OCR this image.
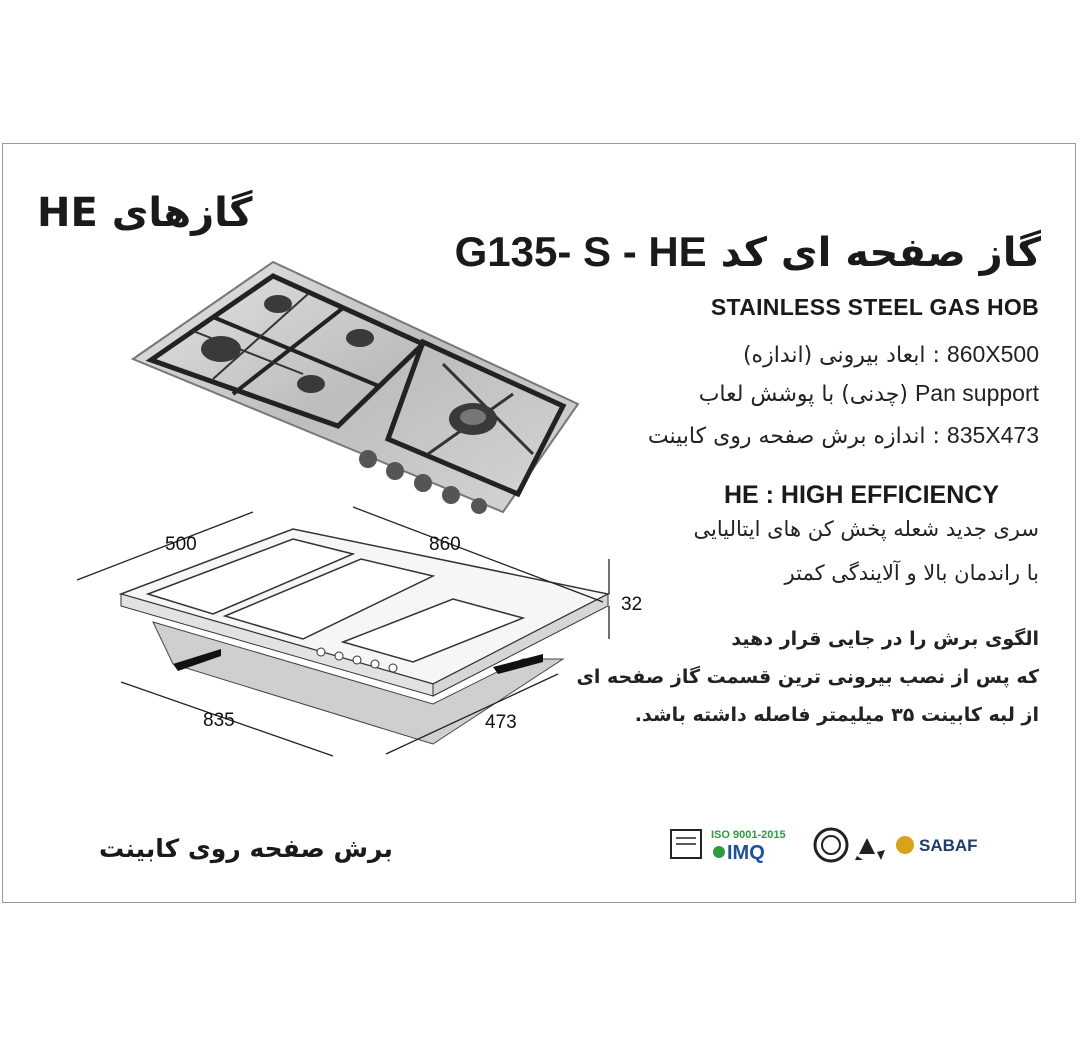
گازهای HE
گاز صفحه ای کد G135- S - HE
STAINLESS STEEL GAS HOB
860X500 : ابعاد بیرونی (اندازه)
Pan support (چدنی) با پوشش لعاب
835X473 : اندازه برش صفحه روی کابینت
HE : HIGH EFFICIENCY
سری جدید شعله پخش کن های ایتالیایی
با راندمان بالا و آلایندگی کمتر
الگوی برش را در جایی قرار دهید
که پس از نصب بیرونی ترین قسمت گاز صفحه ای
از لبه کابینت ۳۵ میلیمتر فاصله داشته باشد.
500	860
32
835	473
برش صفحه روی کابینت	ISO 9001-2015
IMQ	SABAF
